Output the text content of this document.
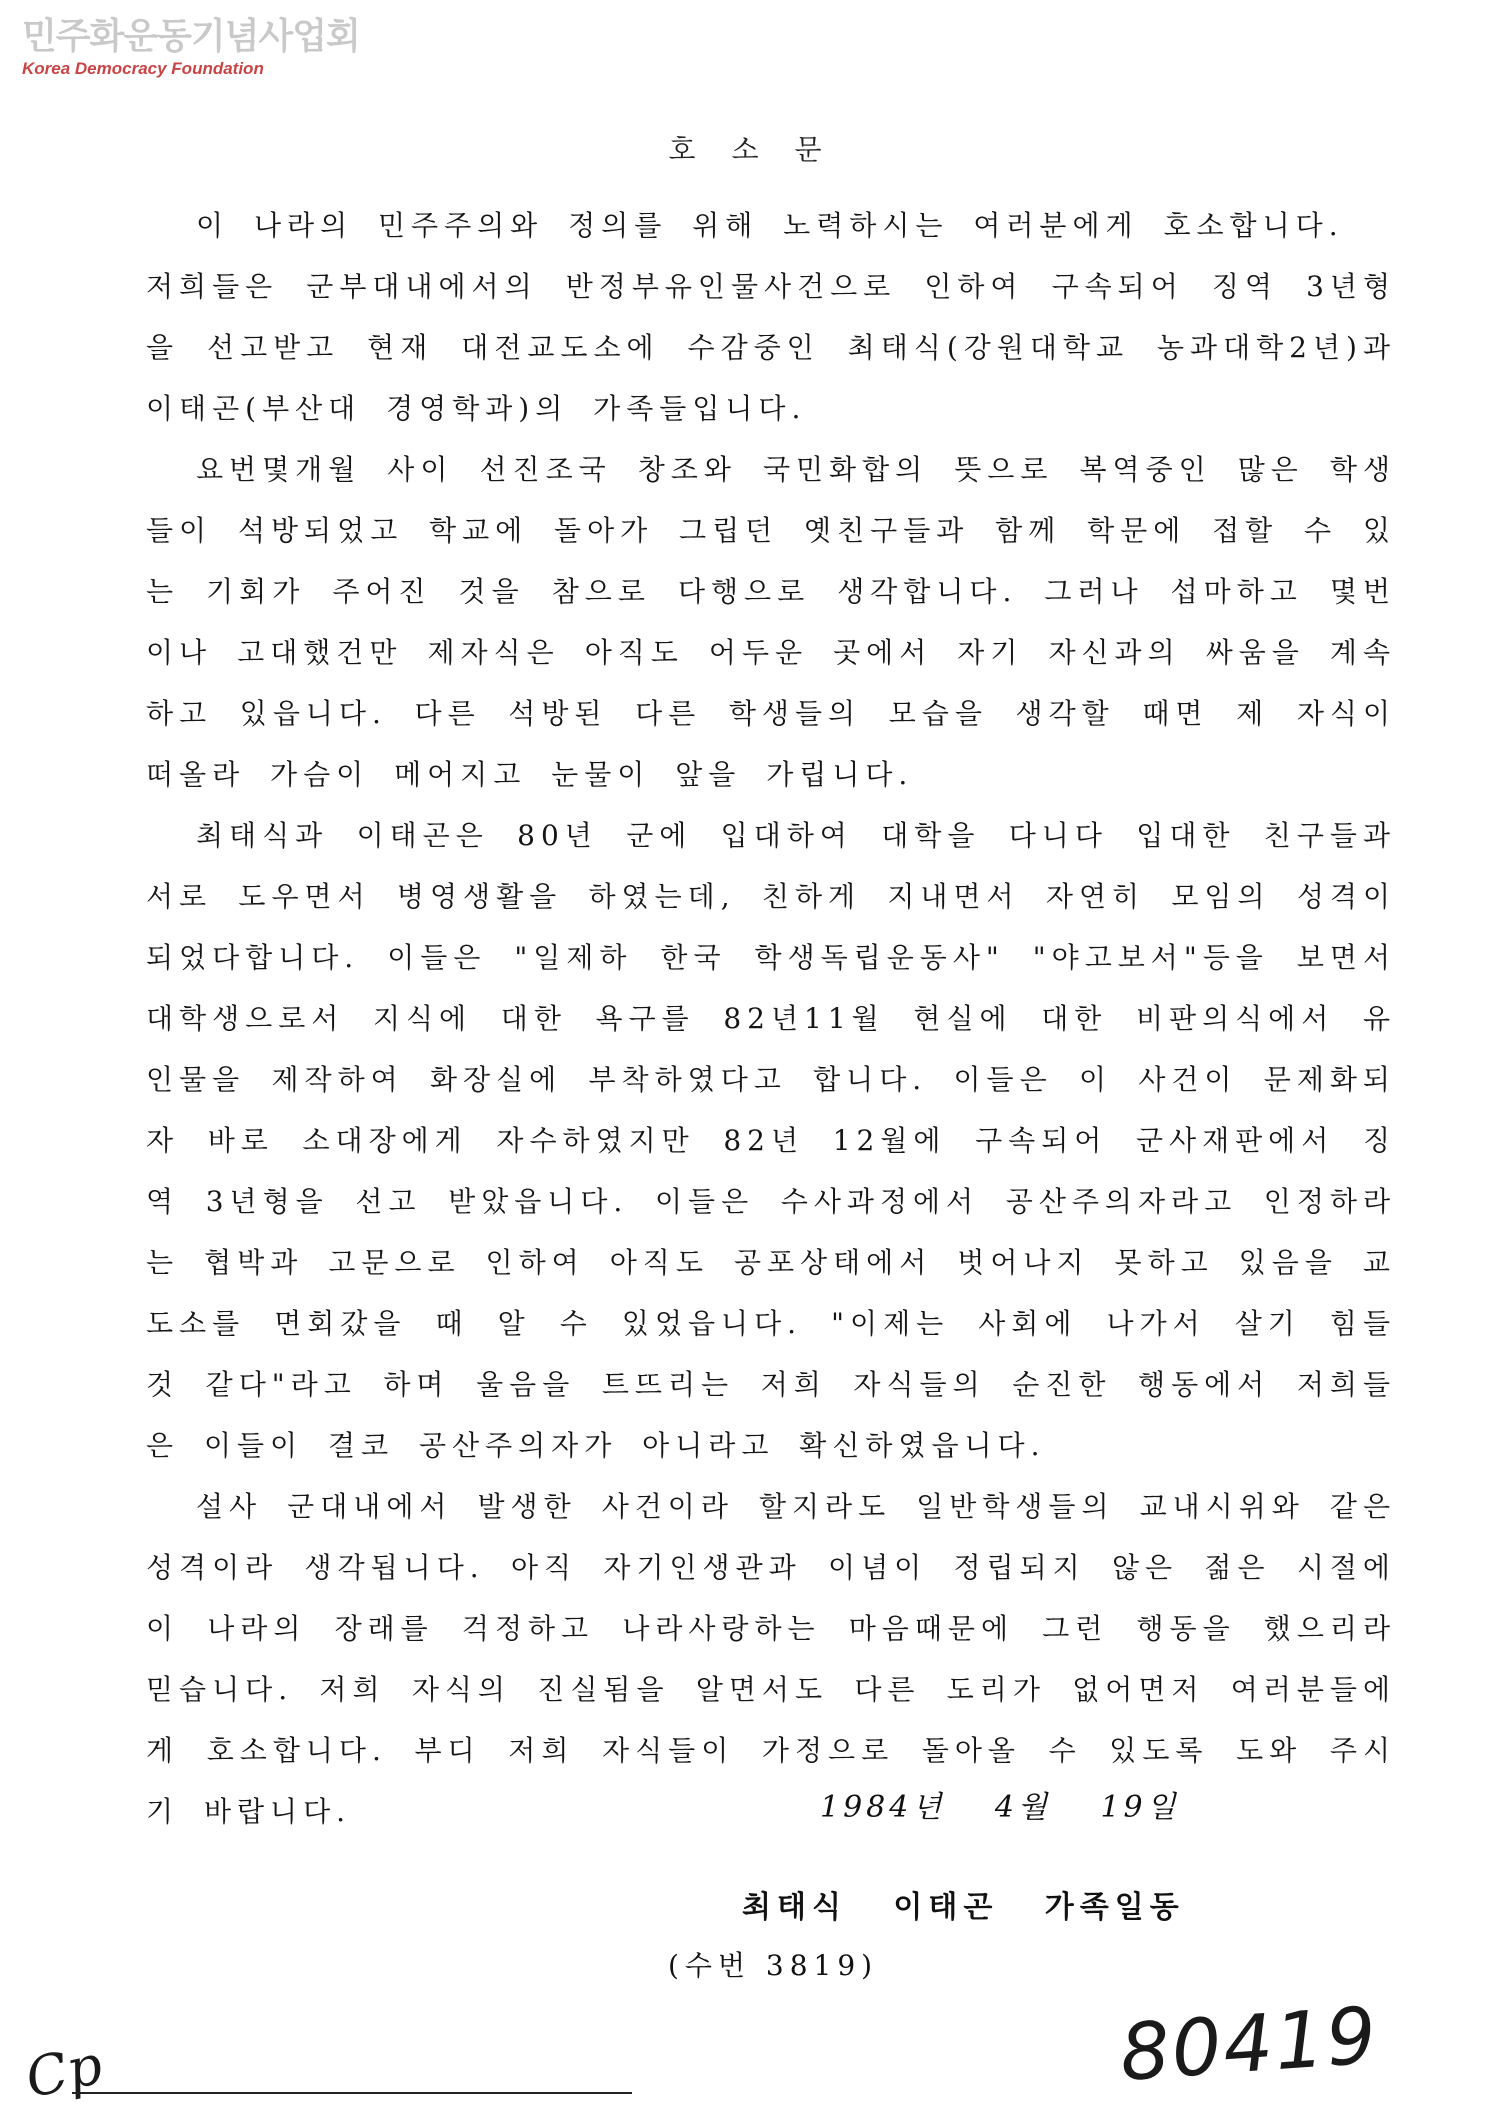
민주화운동기념사업회
Korea Democracy Foundation
호소문

이 나라의 민주주의와 정의를 위해 노력하시는 여러분에게 호소합니다.

저희들은 군부대내에서의 반정부유인물사건으로 인하여 구속되어 징역 3년형을 선고받고 현재 대전교도소에 수감중인 최태식(강원대학교 농과대학2년)과 이태곤(부산대 경영학과)의 가족들입니다.

요번몇개월 사이 선진조국 창조와 국민화합의 뜻으로 복역중인 많은 학생들이 석방되었고 학교에 돌아가 그립던 옛친구들과 함께 학문에 접할 수 있는 기회가 주어진 것을 참으로 다행으로 생각합니다. 그러나 섭마하고 몇번이나 고대했건만 제자식은 아직도 어두운 곳에서 자기 자신과의 싸움을 계속하고 있읍니다. 다른 석방된 다른 학생들의 모습을 생각할 때면 제 자식이 떠올라 가슴이 메어지고 눈물이 앞을 가립니다.

최태식과 이태곤은 80년 군에 입대하여 대학을 다니다 입대한 친구들과 서로 도우면서 병영생활을 하였는데, 친하게 지내면서 자연히 모임의 성격이 되었다합니다. 이들은 "일제하 한국 학생독립운동사" "야고보서"등을 보면서 대학생으로서 지식에 대한 욕구를 82년11월 현실에 대한 비판의식에서 유인물을 제작하여 화장실에 부착하였다고 합니다. 이들은 이 사건이 문제화되자 바로 소대장에게 자수하였지만 82년 12월에 구속되어 군사재판에서 징역 3년형을 선고 받았읍니다. 이들은 수사과정에서 공산주의자라고 인정하라는 협박과 고문으로 인하여 아직도 공포상태에서 벗어나지 못하고 있음을 교도소를 면회갔을 때 알 수 있었읍니다. "이제는 사회에 나가서 살기 힘들 것 같다"라고 하며 울음을 트뜨리는 저희 자식들의 순진한 행동에서 저희들은 이들이 결코 공산주의자가 아니라고 확신하였읍니다.

설사 군대내에서 발생한 사건이라 할지라도 일반학생들의 교내시위와 같은 성격이라 생각됩니다. 아직 자기인생관과 이념이 정립되지 않은 젊은 시절에 이 나라의 장래를 걱정하고 나라사랑하는 마음때문에 그런 행동을 했으리라 믿습니다. 저희 자식의 진실됨을 알면서도 다른 도리가 없어면저 여러분들에게 호소합니다. 부디 저희 자식들이 가정으로 돌아올 수 있도록 도와 주시기 바랍니다.	1984년 4월 19일
최태식 이태곤 가족일동
(수번 3819)
80419
Cp
